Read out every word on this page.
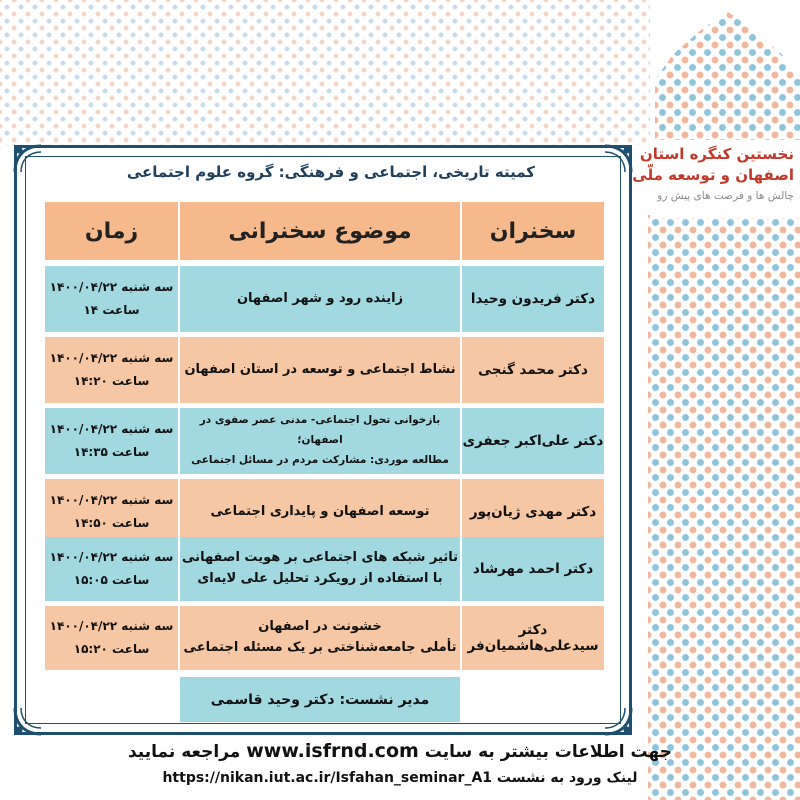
نخستین کنگره استان
اصفهان و توسعه ملّی
چالش ها و فرصت های پیش رو
کمیته تاریخی، اجتماعی و فرهنگی: گروه علوم اجتماعی
سخنران
موضوع سخنرانی
زمان
دکتر فریدون وحیدا
زاینده رود و شهر اصفهان
سه شنبه ۱۴۰۰/۰۴/۲۲
ساعت ۱۴
دکتر محمد گنجی
نشاط اجتماعی و توسعه در استان اصفهان
سه شنبه ۱۴۰۰/۰۴/۲۲
ساعت ۱۴:۲۰
دکتر علی‌اکبر جعفری
بازخوانی تحول اجتماعی- مدنی عصر صفوی در اصفهان؛
مطالعه موردی: مشارکت مردم در مسائل اجتماعی
سه شنبه ۱۴۰۰/۰۴/۲۲
ساعت ۱۴:۳۵
دکتر مهدی ژیان‌پور
توسعه اصفهان و پایداری اجتماعی
سه شنبه ۱۴۰۰/۰۴/۲۲
ساعت ۱۴:۵۰
دکتر احمد مهرشاد
تاثیر شبکه های اجتماعی بر هویت اصفهانی
با استفاده از رویکرد تحلیل علی لایه‌ای
سه شنبه ۱۴۰۰/۰۴/۲۲
ساعت ۱۵:۰۵
دکتر سیدعلی‌هاشمیان‌فر
خشونت در اصفهان
تأملی جامعه‌شناختی بر یک مسئله اجتماعی
سه شنبه ۱۴۰۰/۰۴/۲۲
ساعت ۱۵:۲۰
مدیر نشست: دکتر وحید قاسمی
جهت اطلاعات بیشتر به سایت www.isfrnd.com مراجعه نمایید
لینک ورود به نشست https://nikan.iut.ac.ir/Isfahan_seminar_A1
